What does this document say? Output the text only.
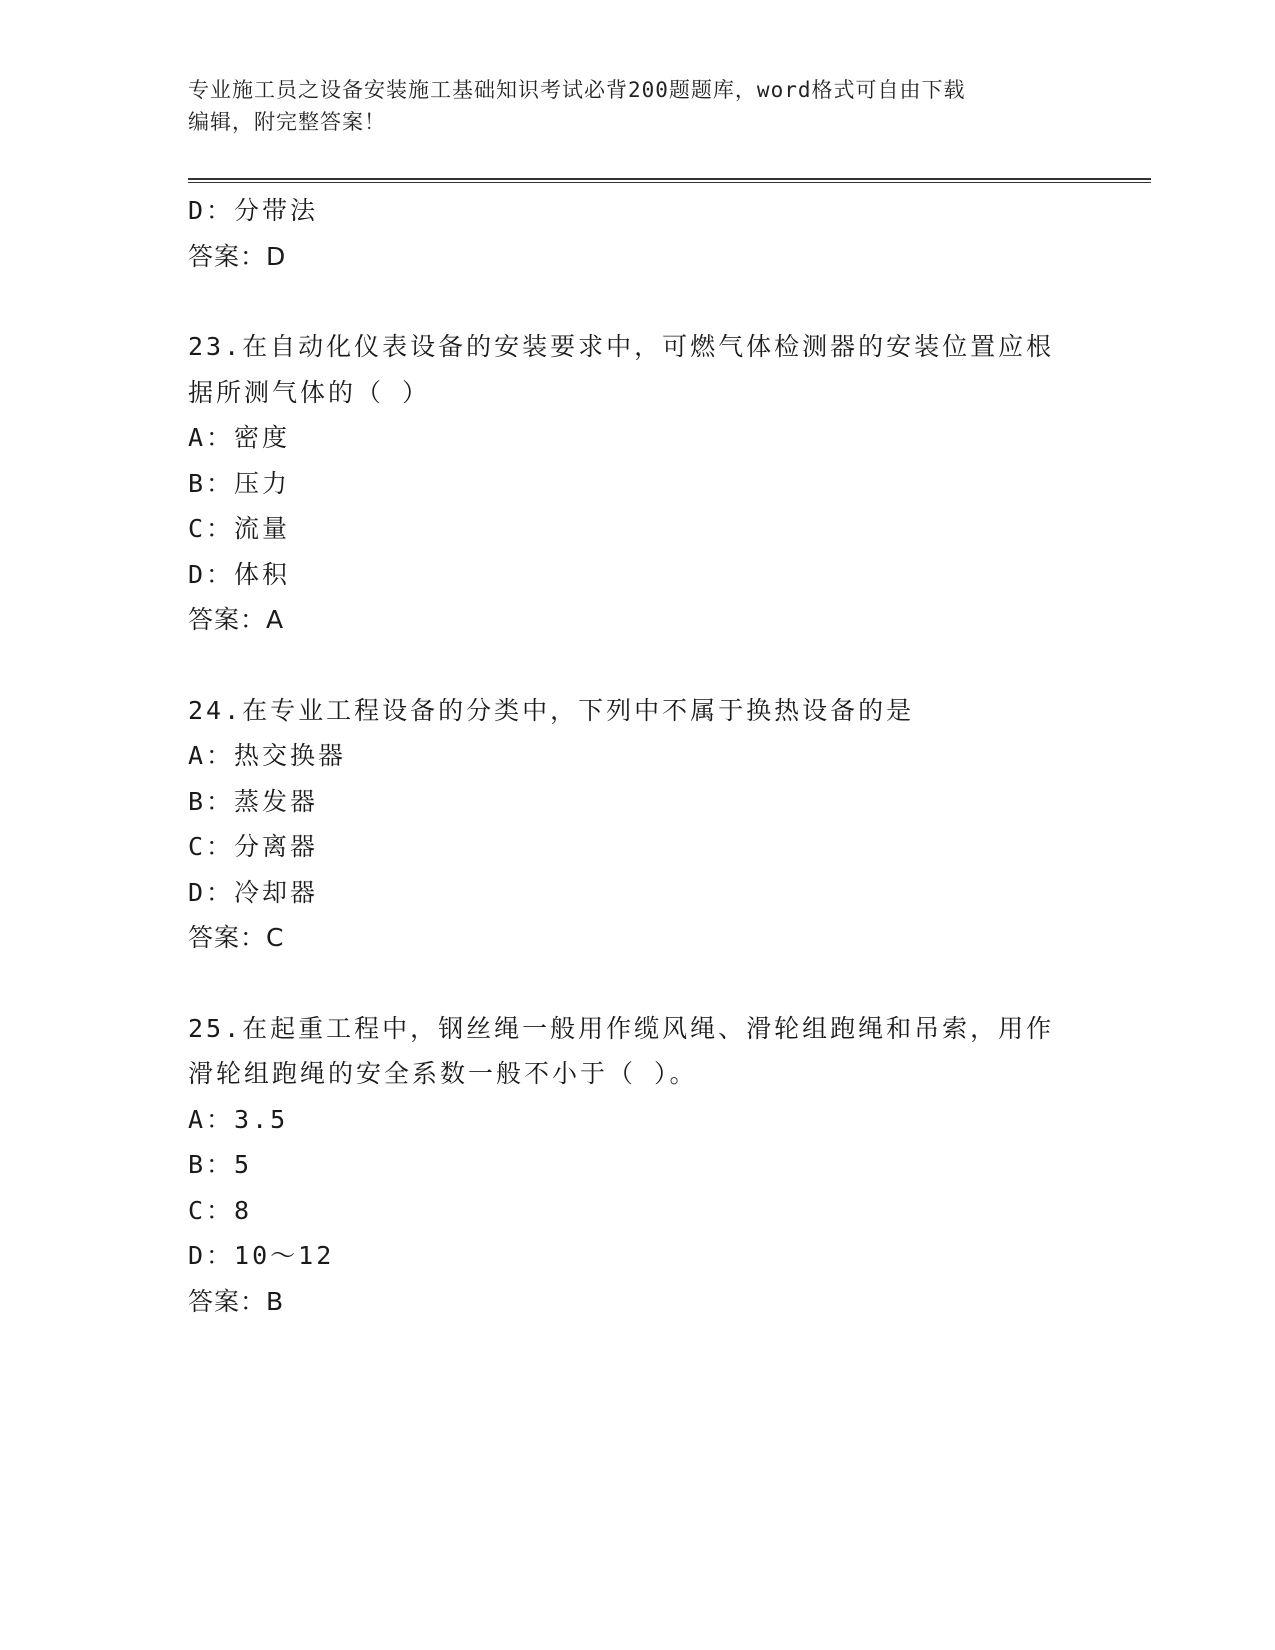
专业施工员之设备安装施工基础知识考试必背200题题库，word格式可自由下载
编辑，附完整答案！
D：分带法
答案：D
23.在自动化仪表设备的安装要求中，可燃气体检测器的安装位置应根
据所测气体的（ ）
A：密度
B：压力
C：流量
D：体积
答案：A
24.在专业工程设备的分类中，下列中不属于换热设备的是
A：热交换器
B：蒸发器
C：分离器
D：冷却器
答案：C
25.在起重工程中，钢丝绳一般用作缆风绳、滑轮组跑绳和吊索，用作
滑轮组跑绳的安全系数一般不小于（ ）。
A：3.5
B：5
C：8
D：10～12
答案：B
